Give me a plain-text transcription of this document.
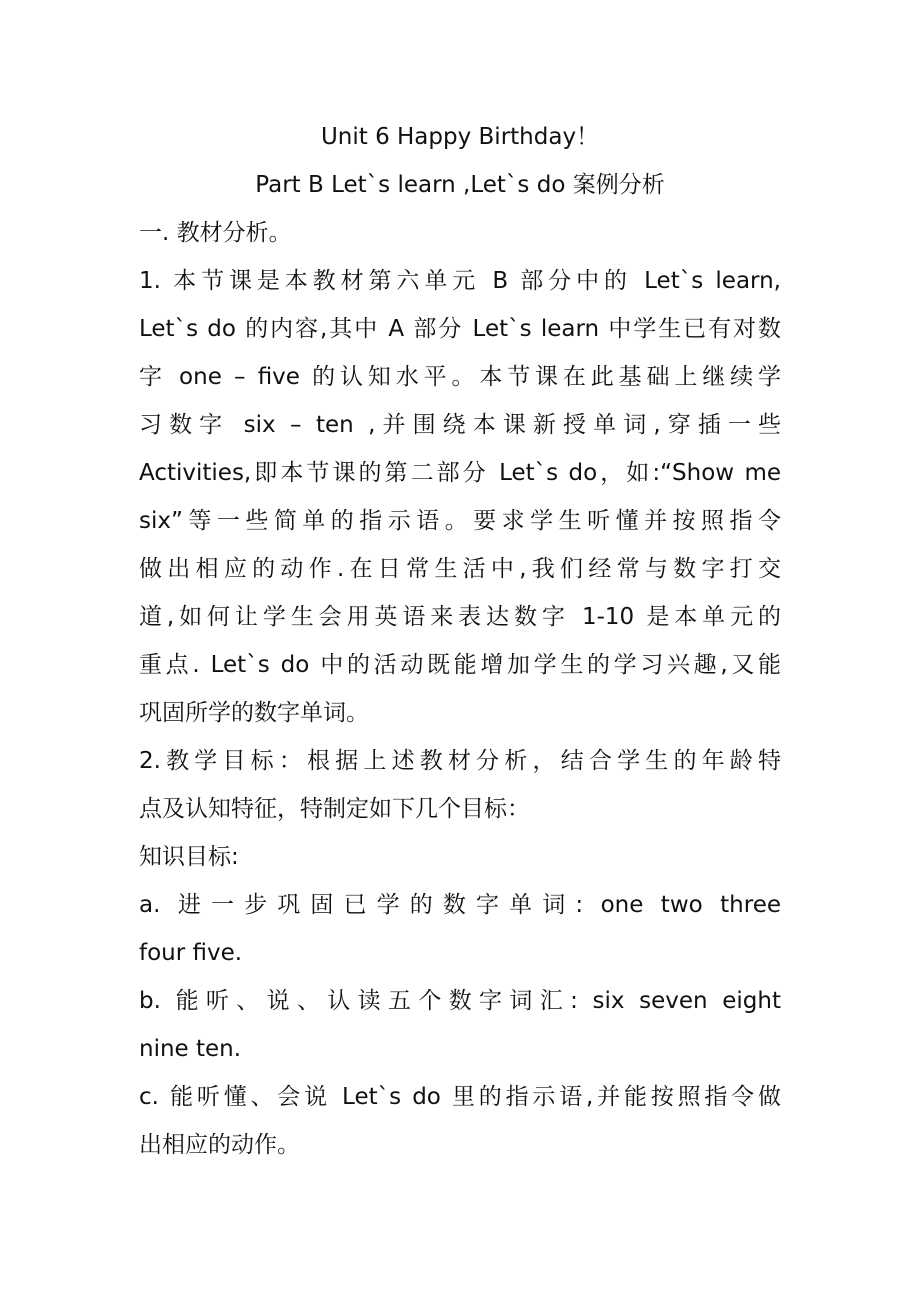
Unit 6 Happy Birthday！

Part B Let`s learn ,Let`s do 案例分析

一. 教材分析。

1. 本节课是本教材第六单元 B 部分中的 Let`s learn,
Let`s do 的内容,其中 A 部分 Let`s learn 中学生已有对数
字 one – five 的认知水平。本节课在此基础上继续学
习数字 six – ten ,并围绕本课新授单词,穿插一些
Activities,即本节课的第二部分 Let`s do，如:“Show me
six”等一些简单的指示语。要求学生听懂并按照指令
做出相应的动作.在日常生活中,我们经常与数字打交
道,如何让学生会用英语来表达数字 1-10 是本单元的
重点. Let`s do 中的活动既能增加学生的学习兴趣,又能
巩固所学的数字单词。
2.教学目标：根据上述教材分析，结合学生的年龄特
点及认知特征，特制定如下几个目标：

知识目标:

a. 进一步巩固已学的数字单词: one two three
four five.
b. 能听、说、认读五个数字词汇: six seven eight
nine ten.
c. 能听懂、会说 Let`s do 里的指示语,并能按照指令做
出相应的动作。
